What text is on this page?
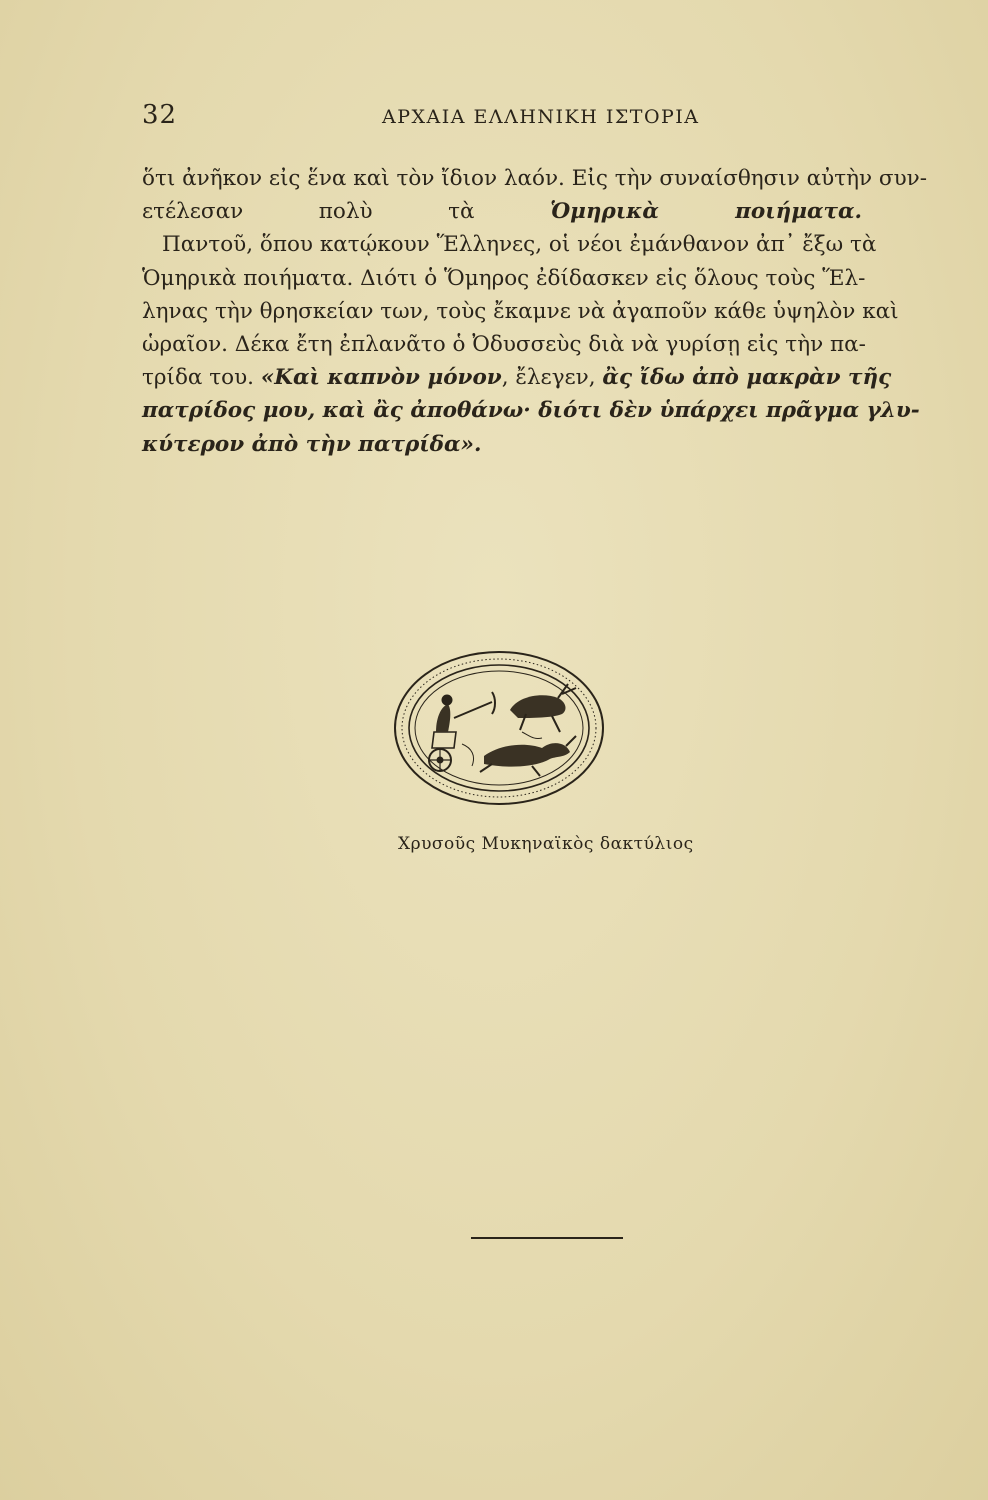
32	ΑΡΧΑΙΑ ΕΛΛΗΝΙΚΗ ΙΣΤΟΡΙΑ
ὅτι ἀνῆκον εἰς ἕνα καὶ τὸν ἴδιον λαόν. Εἰς τὴν συναίσθησιν αὐτὴν συν-
ετέλεσαν πολὺ τὰ Ὁμηρικὰ ποιήματα.
Παντοῦ, ὅπου κατῴκουν Ἕλληνες, οἱ νέοι ἐμάνθανον ἀπ᾽ ἔξω τὰ
Ὁμηρικὰ ποιήματα. Διότι ὁ Ὅμηρος ἐδίδασκεν εἰς ὅλους τοὺς Ἕλ-
ληνας τὴν θρησκείαν των, τοὺς ἔκαμνε νὰ ἀγαποῦν κάθε ὑψηλὸν καὶ
ὡραῖον. Δέκα ἔτη ἐπλανᾶτο ὁ Ὀδυσσεὺς διὰ νὰ γυρίσῃ εἰς τὴν πα-
τρίδα του. «Καὶ καπνὸν μόνον, ἔλεγεν, ἂς ἴδω ἀπὸ μακρὰν τῆς
πατρίδος μου, καὶ ἂς ἀποθάνω· διότι δὲν ὑπάρχει πρᾶγμα γλυ-
κύτερον ἀπὸ τὴν πατρίδα».
Χρυσοῦς Μυκηναϊκὸς δακτύλιος
